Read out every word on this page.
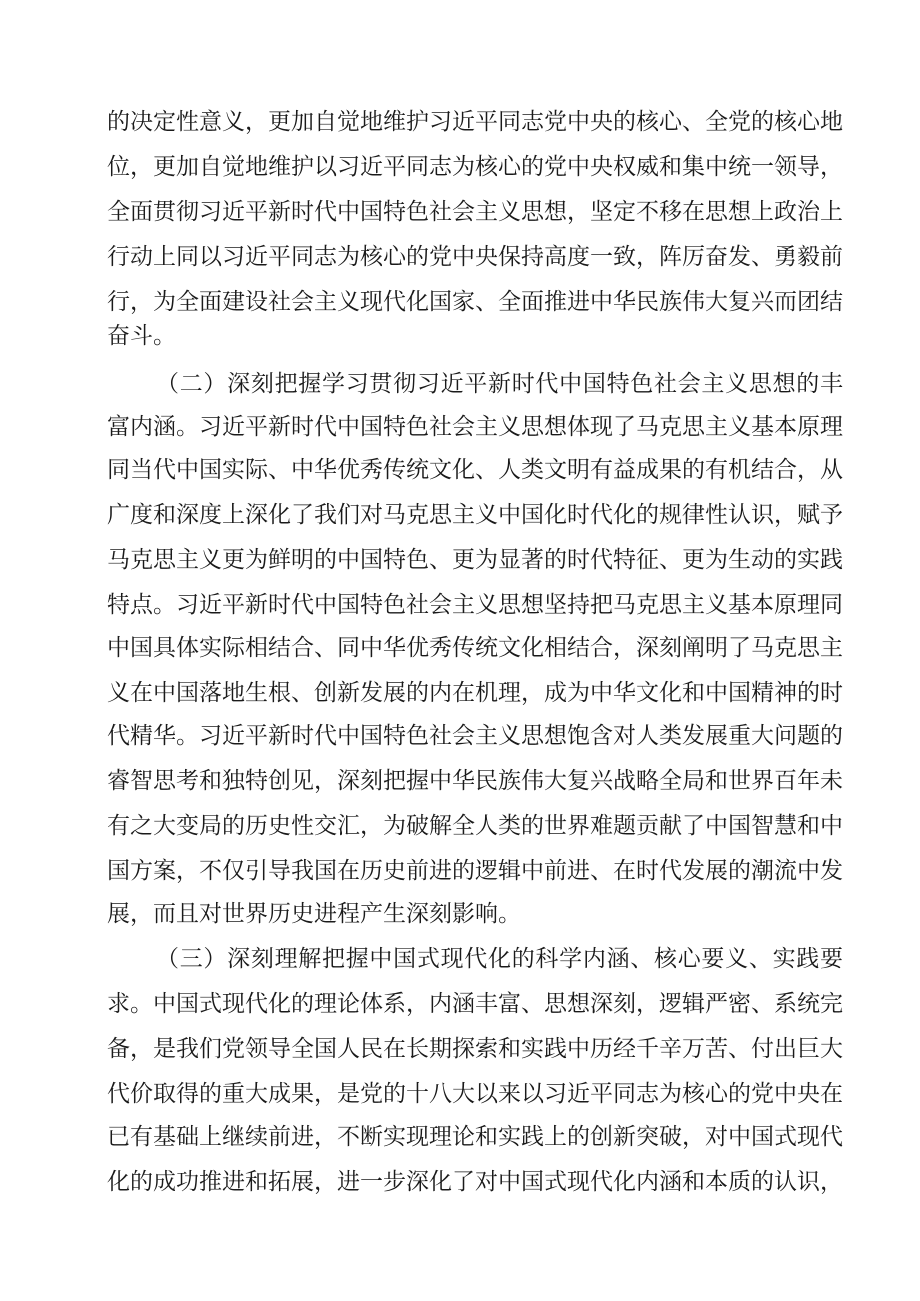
的决定性意义，更加自觉地维护习近平同志党中央的核心、全党的核心地
位，更加自觉地维护以习近平同志为核心的党中央权威和集中统一领导，
全面贯彻习近平新时代中国特色社会主义思想，坚定不移在思想上政治上
行动上同以习近平同志为核心的党中央保持高度一致，阵厉奋发、勇毅前
行，为全面建设社会主义现代化国家、全面推进中华民族伟大复兴而团结
奋斗。
（二）深刻把握学习贯彻习近平新时代中国特色社会主义思想的丰
富内涵。习近平新时代中国特色社会主义思想体现了马克思主义基本原理
同当代中国实际、中华优秀传统文化、人类文明有益成果的有机结合，从
广度和深度上深化了我们对马克思主义中国化时代化的规律性认识，赋予
马克思主义更为鲜明的中国特色、更为显著的时代特征、更为生动的实践
特点。习近平新时代中国特色社会主义思想坚持把马克思主义基本原理同
中国具体实际相结合、同中华优秀传统文化相结合，深刻阐明了马克思主
义在中国落地生根、创新发展的内在机理，成为中华文化和中国精神的时
代精华。习近平新时代中国特色社会主义思想饱含对人类发展重大问题的
睿智思考和独特创见，深刻把握中华民族伟大复兴战略全局和世界百年未
有之大变局的历史性交汇，为破解全人类的世界难题贡献了中国智慧和中
国方案，不仅引导我国在历史前进的逻辑中前进、在时代发展的潮流中发
展，而且对世界历史进程产生深刻影响。
（三）深刻理解把握中国式现代化的科学内涵、核心要义、实践要
求。中国式现代化的理论体系，内涵丰富、思想深刻，逻辑严密、系统完
备，是我们党领导全国人民在长期探索和实践中历经千辛万苦、付出巨大
代价取得的重大成果，是党的十八大以来以习近平同志为核心的党中央在
已有基础上继续前进，不断实现理论和实践上的创新突破，对中国式现代
化的成功推进和拓展，进一步深化了对中国式现代化内涵和本质的认识，
